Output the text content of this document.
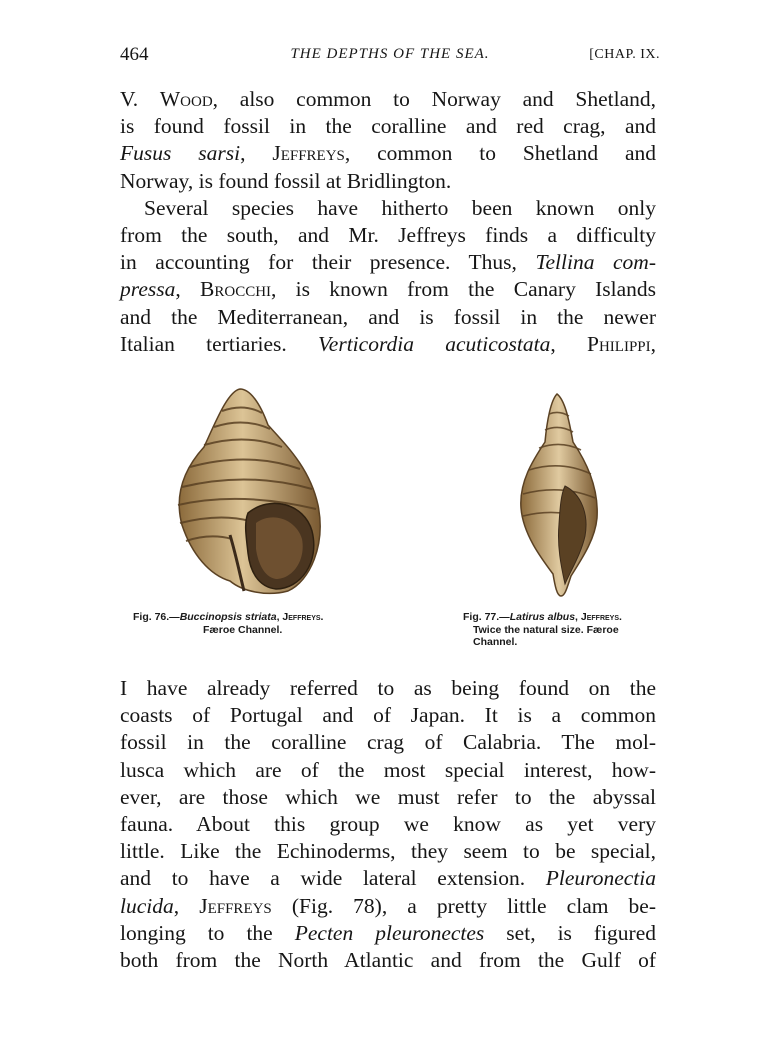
464	THE DEPTHS OF THE SEA.	[CHAP. IX.
V. Wood, also common to Norway and Shetland,
is found fossil in the coralline and red crag, and
Fusus sarsi, Jeffreys, common to Shetland and
Norway, is found fossil at Bridlington.
Several species have hitherto been known only
from the south, and Mr. Jeffreys finds a difficulty
in accounting for their presence. Thus, Tellina com-
pressa, Brocchi, is known from the Canary Islands
and the Mediterranean, and is fossil in the newer
Italian tertiaries. Verticordia acuticostata, Philippi,
Fig. 76.—Buccinopsis striata, Jeffreys.
Færoe Channel.
Fig. 77.—Latirus albus, Jeffreys.
Twice the natural size. Færoe
Channel.
I have already referred to as being found on the
coasts of Portugal and of Japan. It is a common
fossil in the coralline crag of Calabria. The mol-
lusca which are of the most special interest, how-
ever, are those which we must refer to the abyssal
fauna. About this group we know as yet very
little. Like the Echinoderms, they seem to be special,
and to have a wide lateral extension. Pleuronectia
lucida, Jeffreys (Fig. 78), a pretty little clam be-
longing to the Pecten pleuronectes set, is figured
both from the North Atlantic and from the Gulf of
